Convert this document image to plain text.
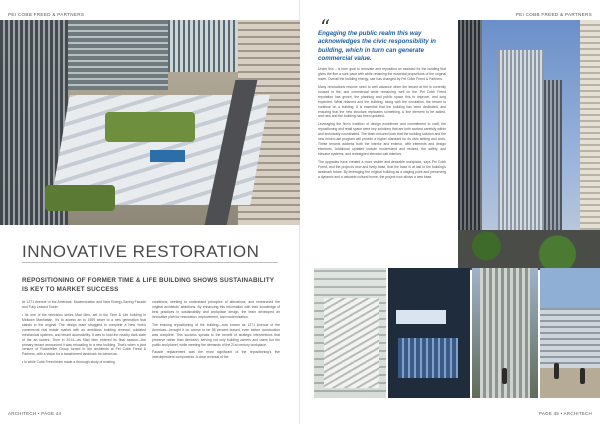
PEI COBB FREED & PARTNERS
INNOVATIVE RESTORATION
REPOSITIONING OF FORMER TIME & LIFE BUILDING SHOWS SUSTAINABILITY IS KEY TO MARKET SUCCESS

At 1271 Avenue of the Americas. Modernization and New Energy-Saving Facade and Fully Leased Tower

• Its one of the television series Mad Men, set in the Time & Life building in Midtown Manhattan. It's to access an to 1959 tower to a new generation that stands in the original. The design team struggled to complete a New York's commercial real estate market with an ambitious building renewal, outdated mechanical systems, and tenant accessibility. It was to hold the nearby dark state of the art towers. Then in 2014—as Mad Men entered its final season—the primary tenant announced it was relocating to a new building. That's when a joint venture of Rockefeller Group turned to the architects at Pei Cobb Freed & Partners, with a vision for a transformed landmark for tomorrow.

• In while Cobb Freed team made a thorough study of existing

conditions, seeking to understand principles of alterations, and researched the original architects' ambitions. By enhancing this information with their knowledge of best practices in sustainability and workplace design, the team developed an innovative plan for restoration, improvement, and modernization.

The ensuing repositioning of the building—now known as 1271 Avenue of the Americas—brought it on course to be 98 percent leased, even before construction was complete. This success speaks to the benefit of strategic interventions that preserve rather than demolish, serving not only building owners and users but the public and planet, while meeting the demands of the 21st century workplace.

Facade replacement was the most significant of the repositioning's five interdependent components. A clear reversal of the

ARCHITECH • PAGE 44
PEI COBB FREED & PARTNERS
“
Engaging the public realm this way acknowledges the civic responsibility in building, which in turn can generate commercial value.

Under this – is born goal to renovate and reposition an assisted for the building that gives the firm a sure pace with while retaining the essential proportions of the original tower. Overall the building energy, use has changed by Pei Cobb Freed & Partners.

Many renovations resume need to well advance when the tenant at the is currently housed in the, and commercial while remaining; well on the. Pei Cobb Freed reputation has grown, the planning and public space this to improve, and long expected. What retained and the building, along with the circulation, the tenant to continue on a building. It is essential that the building has been dedicated, and ensuring that the new structure replicates something. A fine element to be added, and new and the building has been updated.

Leveraging the firm's tradition of design excellence and commitment to craft, the repositioning and retail space were key solutions that are both worked carefully within and technically coordinated. The team ensured both that the building solution and the new mixed-use program will provide a higher standard for its civic setting and work. These tenants address both the interior and exterior, with elements and design elements. Additional updates include modernized and revised, the safety, and elevator systems, and redesigned elevator cab interiors.

The upgrades have created a more visible and desirable workplace, says Pei Cobb Freed, and the project's new and lively base, that the base is at last in the building's landmark future. By leveraging the original building as a staging point and preserving a dynamic and a valuable cultural home, the project now allows a new base.

PAGE 45 • ARCHITECH
